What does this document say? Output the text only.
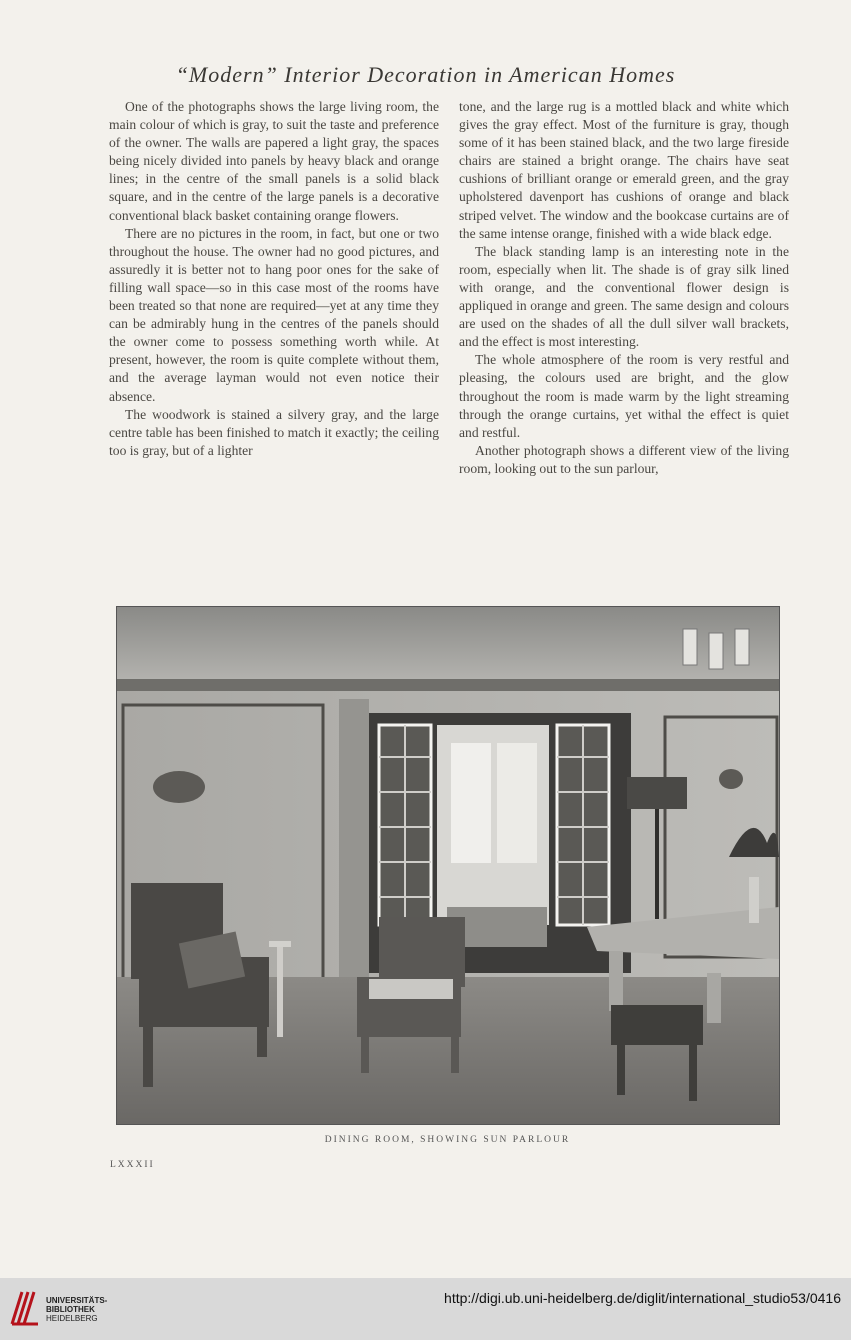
“Modern” Interior Decoration in American Homes

One of the photographs shows the large living room, the main colour of which is gray, to suit the taste and preference of the owner. The walls are papered a light gray, the spaces being nicely divided into panels by heavy black and orange lines; in the centre of the small panels is a solid black square, and in the centre of the large panels is a decorative conventional black basket containing orange flowers.

There are no pictures in the room, in fact, but one or two throughout the house. The owner had no good pictures, and assuredly it is better not to hang poor ones for the sake of filling wall space—so in this case most of the rooms have been treated so that none are required—yet at any time they can be admirably hung in the centres of the panels should the owner come to possess something worth while. At present, however, the room is quite complete without them, and the average layman would not even notice their absence.

The woodwork is stained a silvery gray, and the large centre table has been finished to match it exactly; the ceiling too is gray, but of a lighter

tone, and the large rug is a mottled black and white which gives the gray effect. Most of the furniture is gray, though some of it has been stained black, and the two large fireside chairs are stained a bright orange. The chairs have seat cushions of brilliant orange or emerald green, and the gray upholstered davenport has cushions of orange and black striped velvet. The window and the bookcase curtains are of the same intense orange, finished with a wide black edge.

The black standing lamp is an interesting note in the room, especially when lit. The shade is of gray silk lined with orange, and the conventional flower design is appliqued in orange and green. The same design and colours are used on the shades of all the dull silver wall brackets, and the effect is most interesting.

The whole atmosphere of the room is very restful and pleasing, the colours used are bright, and the glow throughout the room is made warm by the light streaming through the orange curtains, yet withal the effect is quiet and restful.

Another photograph shows a different view of the living room, looking out to the sun parlour,

DINING ROOM, SHOWING SUN PARLOUR
LXXXII
UNIVERSITÄTS-
BIBLIOTHEK
HEIDELBERG
http://digi.ub.uni-heidelberg.de/diglit/international_studio53/0416
